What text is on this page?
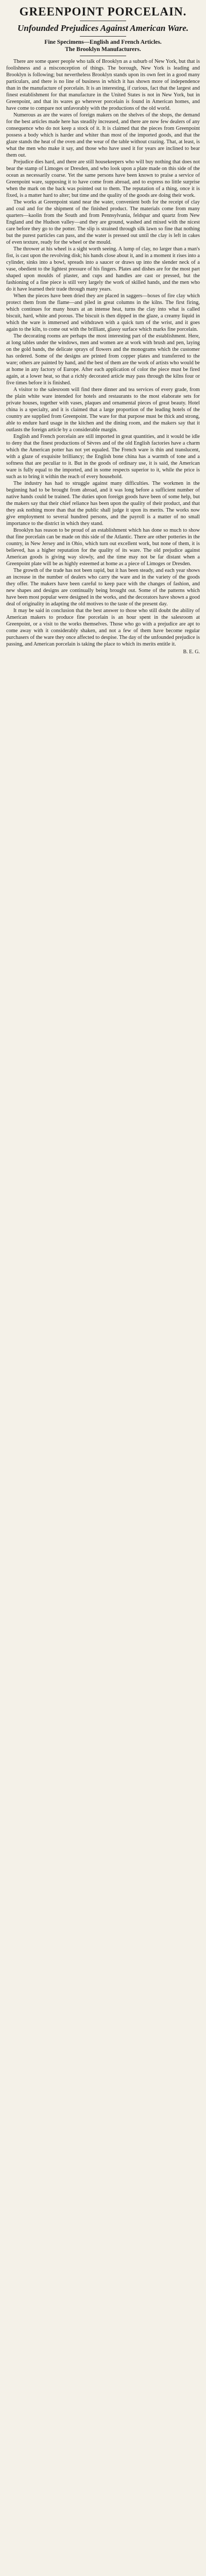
GREENPOINT PORCELAIN.
Unfounded Prejudices Against American Ware.
Fine Specimens—English and French Articles.
The Brooklyn Manufacturers.

There are some queer people who talk of Brooklyn as a suburb of New York, but that is foolishness and a misconception of things. The borough, New York is leading and Brooklyn is following; but nevertheless Brooklyn stands upon its own feet in a good many particulars, and there is no line of business in which it has shown more of independence than in the manufacture of porcelain. It is an interesting, if curious, fact that the largest and finest establishment for that manufacture in the United States is not in New York, but in Greenpoint, and that its wares go wherever porcelain is found in American homes, and have come to compare not unfavorably with the productions of the old world.

Numerous as are the wares of foreign makers on the shelves of the shops, the demand for the best articles made here has steadily increased, and there are now few dealers of any consequence who do not keep a stock of it. It is claimed that the pieces from Greenpoint possess a body which is harder and whiter than most of the imported goods, and that the glaze stands the heat of the oven and the wear of the table without crazing. That, at least, is what the men who make it say, and those who have used it for years are inclined to bear them out.

Prejudice dies hard, and there are still housekeepers who will buy nothing that does not bear the stamp of Limoges or Dresden, and who look upon a plate made on this side of the ocean as necessarily coarse. Yet the same persons have been known to praise a service of Greenpoint ware, supposing it to have come from abroad, and to express no little surprise when the mark on the back was pointed out to them. The reputation of a thing, once it is fixed, is a matter hard to alter; but time and the quality of the goods are doing their work.

The works at Greenpoint stand near the water, convenient both for the receipt of clay and coal and for the shipment of the finished product. The materials come from many quarters—kaolin from the South and from Pennsylvania, feldspar and quartz from New England and the Hudson valley—and they are ground, washed and mixed with the nicest care before they go to the potter. The slip is strained through silk lawn so fine that nothing but the purest particles can pass, and the water is pressed out until the clay is left in cakes of even texture, ready for the wheel or the mould.

The thrower at his wheel is a sight worth seeing. A lump of clay, no larger than a man's fist, is cast upon the revolving disk; his hands close about it, and in a moment it rises into a cylinder, sinks into a bowl, spreads into a saucer or draws up into the slender neck of a vase, obedient to the lightest pressure of his fingers. Plates and dishes are for the most part shaped upon moulds of plaster, and cups and handles are cast or pressed, but the fashioning of a fine piece is still very largely the work of skilled hands, and the men who do it have learned their trade through many years.

When the pieces have been dried they are placed in saggers—boxes of fire clay which protect them from the flame—and piled in great columns in the kilns. The first firing, which continues for many hours at an intense heat, turns the clay into what is called biscuit, hard, white and porous. The biscuit is then dipped in the glaze, a creamy liquid in which the ware is immersed and withdrawn with a quick turn of the wrist, and it goes again to the kiln, to come out with the brilliant, glassy surface which marks fine porcelain.

The decorating rooms are perhaps the most interesting part of the establishment. Here, at long tables under the windows, men and women are at work with brush and pen, laying on the gold bands, the delicate sprays of flowers and the monograms which the customer has ordered. Some of the designs are printed from copper plates and transferred to the ware; others are painted by hand, and the best of them are the work of artists who would be at home in any factory of Europe. After each application of color the piece must be fired again, at a lower heat, so that a richly decorated article may pass through the kilns four or five times before it is finished.

A visitor to the salesroom will find there dinner and tea services of every grade, from the plain white ware intended for hotels and restaurants to the most elaborate sets for private houses, together with vases, plaques and ornamental pieces of great beauty. Hotel china is a specialty, and it is claimed that a large proportion of the leading hotels of the country are supplied from Greenpoint. The ware for that purpose must be thick and strong, able to endure hard usage in the kitchen and the dining room, and the makers say that it outlasts the foreign article by a considerable margin.

English and French porcelain are still imported in great quantities, and it would be idle to deny that the finest productions of Sèvres and of the old English factories have a charm which the American potter has not yet equaled. The French ware is thin and translucent, with a glaze of exquisite brilliancy; the English bone china has a warmth of tone and a softness that are peculiar to it. But in the goods of ordinary use, it is said, the American ware is fully equal to the imported, and in some respects superior to it, while the price is such as to bring it within the reach of every household.

The industry has had to struggle against many difficulties. The workmen in the beginning had to be brought from abroad, and it was long before a sufficient number of native hands could be trained. The duties upon foreign goods have been of some help, but the makers say that their chief reliance has been upon the quality of their product, and that they ask nothing more than that the public shall judge it upon its merits. The works now give employment to several hundred persons, and the payroll is a matter of no small importance to the district in which they stand.

Brooklyn has reason to be proud of an establishment which has done so much to show that fine porcelain can be made on this side of the Atlantic. There are other potteries in the country, in New Jersey and in Ohio, which turn out excellent work, but none of them, it is believed, has a higher reputation for the quality of its ware. The old prejudice against American goods is giving way slowly, and the time may not be far distant when a Greenpoint plate will be as highly esteemed at home as a piece of Limoges or Dresden.

The growth of the trade has not been rapid, but it has been steady, and each year shows an increase in the number of dealers who carry the ware and in the variety of the goods they offer. The makers have been careful to keep pace with the changes of fashion, and new shapes and designs are continually being brought out. Some of the patterns which have been most popular were designed in the works, and the decorators have shown a good deal of originality in adapting the old motives to the taste of the present day.

It may be said in conclusion that the best answer to those who still doubt the ability of American makers to produce fine porcelain is an hour spent in the salesroom at Greenpoint, or a visit to the works themselves. Those who go with a prejudice are apt to come away with it considerably shaken, and not a few of them have become regular purchasers of the ware they once affected to despise. The day of the unfounded prejudice is passing, and American porcelain is taking the place to which its merits entitle it.

B. E. G.
